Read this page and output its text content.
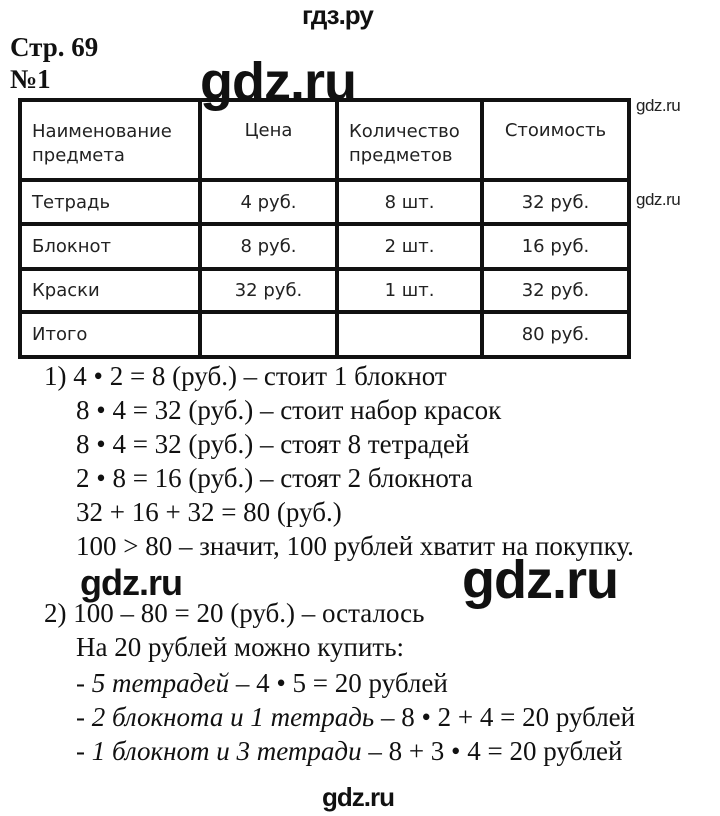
гдз.ру
Стр. 69
№1	gdz.ru	gdz.ru
gdz.ru
Наименование предмета	Цена	Количество предметов	Стоимость
Тетрадь	4 руб.	8 шт.	32 руб.
Блокнот	8 руб.	2 шт.	16 руб.
Краски	32 руб.	1 шт.	32 руб.
Итого			80 руб.
1) 4 • 2 = 8 (руб.) – стоит 1 блокнот
8 • 4 = 32 (руб.) – стоит набор красок
8 • 4 = 32 (руб.) – стоят 8 тетрадей
2 • 8 = 16 (руб.) – стоят 2 блокнота
32 + 16 + 32 = 80 (руб.)
100 > 80 – значит, 100 рублей хватит на покупку.
gdz.ru	gdz.ru
2) 100 – 80 = 20 (руб.) – осталось
На 20 рублей можно купить:
- 5 тетрадей – 4 • 5 = 20 рублей
- 2 блокнота и 1 тетрадь – 8 • 2 + 4 = 20 рублей
- 1 блокнот и 3 тетради – 8 + 3 • 4 = 20 рублей
gdz.ru
